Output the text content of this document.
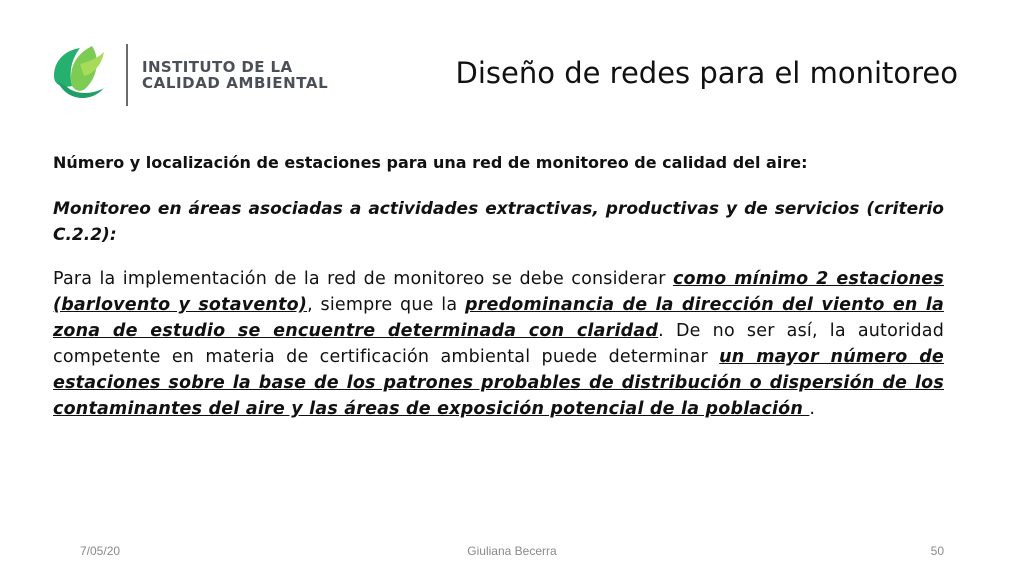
INSTITUTO DE LA
CALIDAD AMBIENTAL	Diseño de redes para el monitoreo

Número y localización de estaciones para una red de monitoreo de calidad del aire:

Monitoreo en áreas asociadas a actividades extractivas, productivas y de servicios (criterio C.2.2):

Para la implementación de la red de monitoreo se debe considerar como mínimo 2 estaciones (barlovento y sotavento), siempre que la predominancia de la dirección del viento en la zona de estudio se encuentre determinada con claridad. De no ser así, la autoridad competente en materia de certificación ambiental puede determinar un mayor número de estaciones sobre la base de los patrones probables de distribución o dispersión de los contaminantes del aire y las áreas de exposición potencial de la población .

7/05/20	Giuliana Becerra	50
